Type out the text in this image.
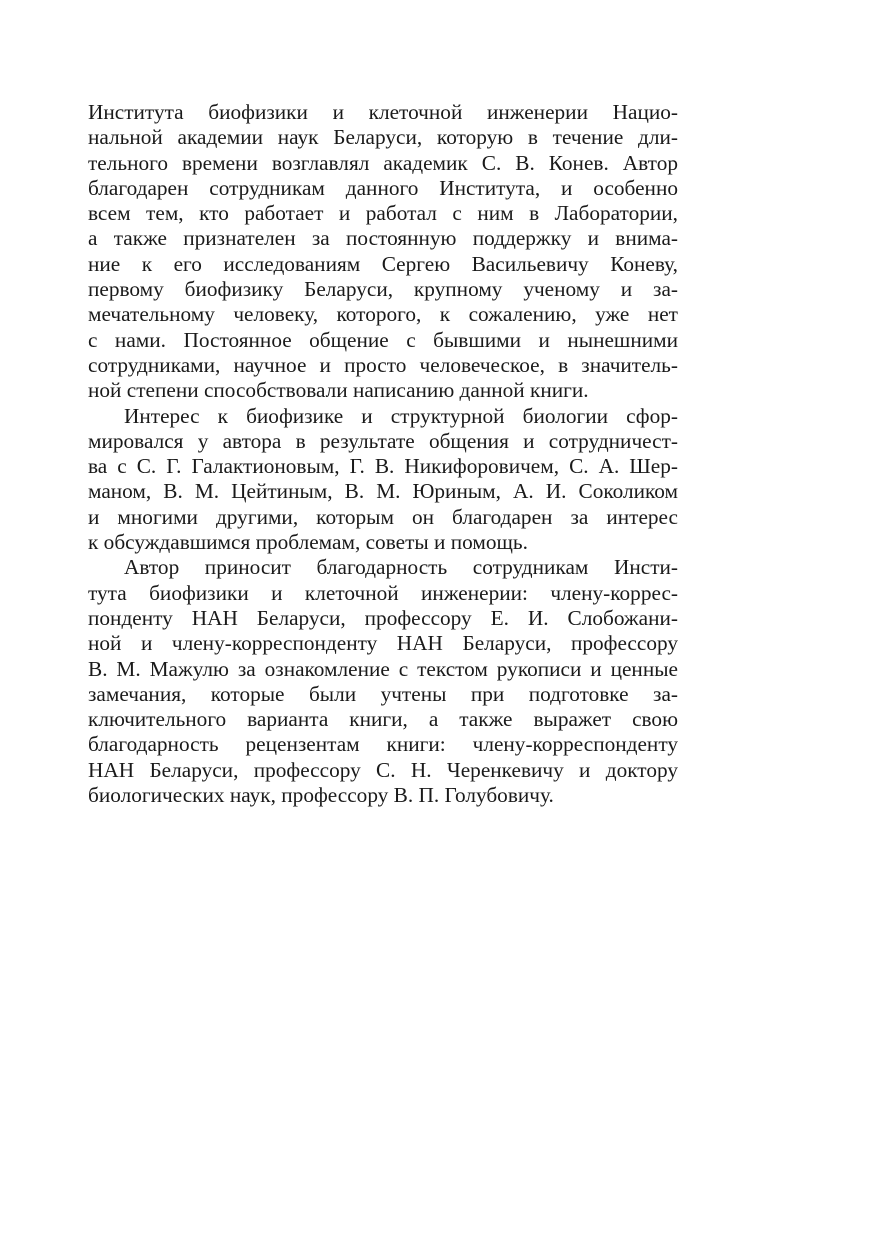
Института биофизики и клеточной инженерии Нацио-
нальной академии наук Беларуси, которую в течение дли-
тельного времени возглавлял академик С. В. Конев. Автор
благодарен сотрудникам данного Института, и особенно
всем тем, кто работает и работал с ним в Лаборатории,
а также признателен за постоянную поддержку и внима-
ние к его исследованиям Сергею Васильевичу Коневу,
первому биофизику Беларуси, крупному ученому и за-
мечательному человеку, которого, к сожалению, уже нет
с нами. Постоянное общение с бывшими и нынешними
сотрудниками, научное и просто человеческое, в значитель-
ной степени способствовали написанию данной книги.

Интерес к биофизике и структурной биологии сфор-
мировался у автора в результате общения и сотрудничест-
ва с С. Г. Галактионовым, Г. В. Никифоровичем, С. А. Шер-
маном, В. М. Цейтиным, В. М. Юриным, А. И. Соколиком
и многими другими, которым он благодарен за интерес
к обсуждавшимся проблемам, советы и помощь.

Автор приносит благодарность сотрудникам Инсти-
тута биофизики и клеточной инженерии: члену-коррес-
понденту НАН Беларуси, профессору Е. И. Слобожани-
ной и члену-корреспонденту НАН Беларуси, профессору
В. М. Мажулю за ознакомление с текстом рукописи и ценные
замечания, которые были учтены при подготовке за-
ключительного варианта книги, а также выражет свою
благодарность рецензентам книги: члену-корреспонденту
НАН Беларуси, профессору С. Н. Черенкевичу и доктору
биологических наук, профессору В. П. Голубовичу.
